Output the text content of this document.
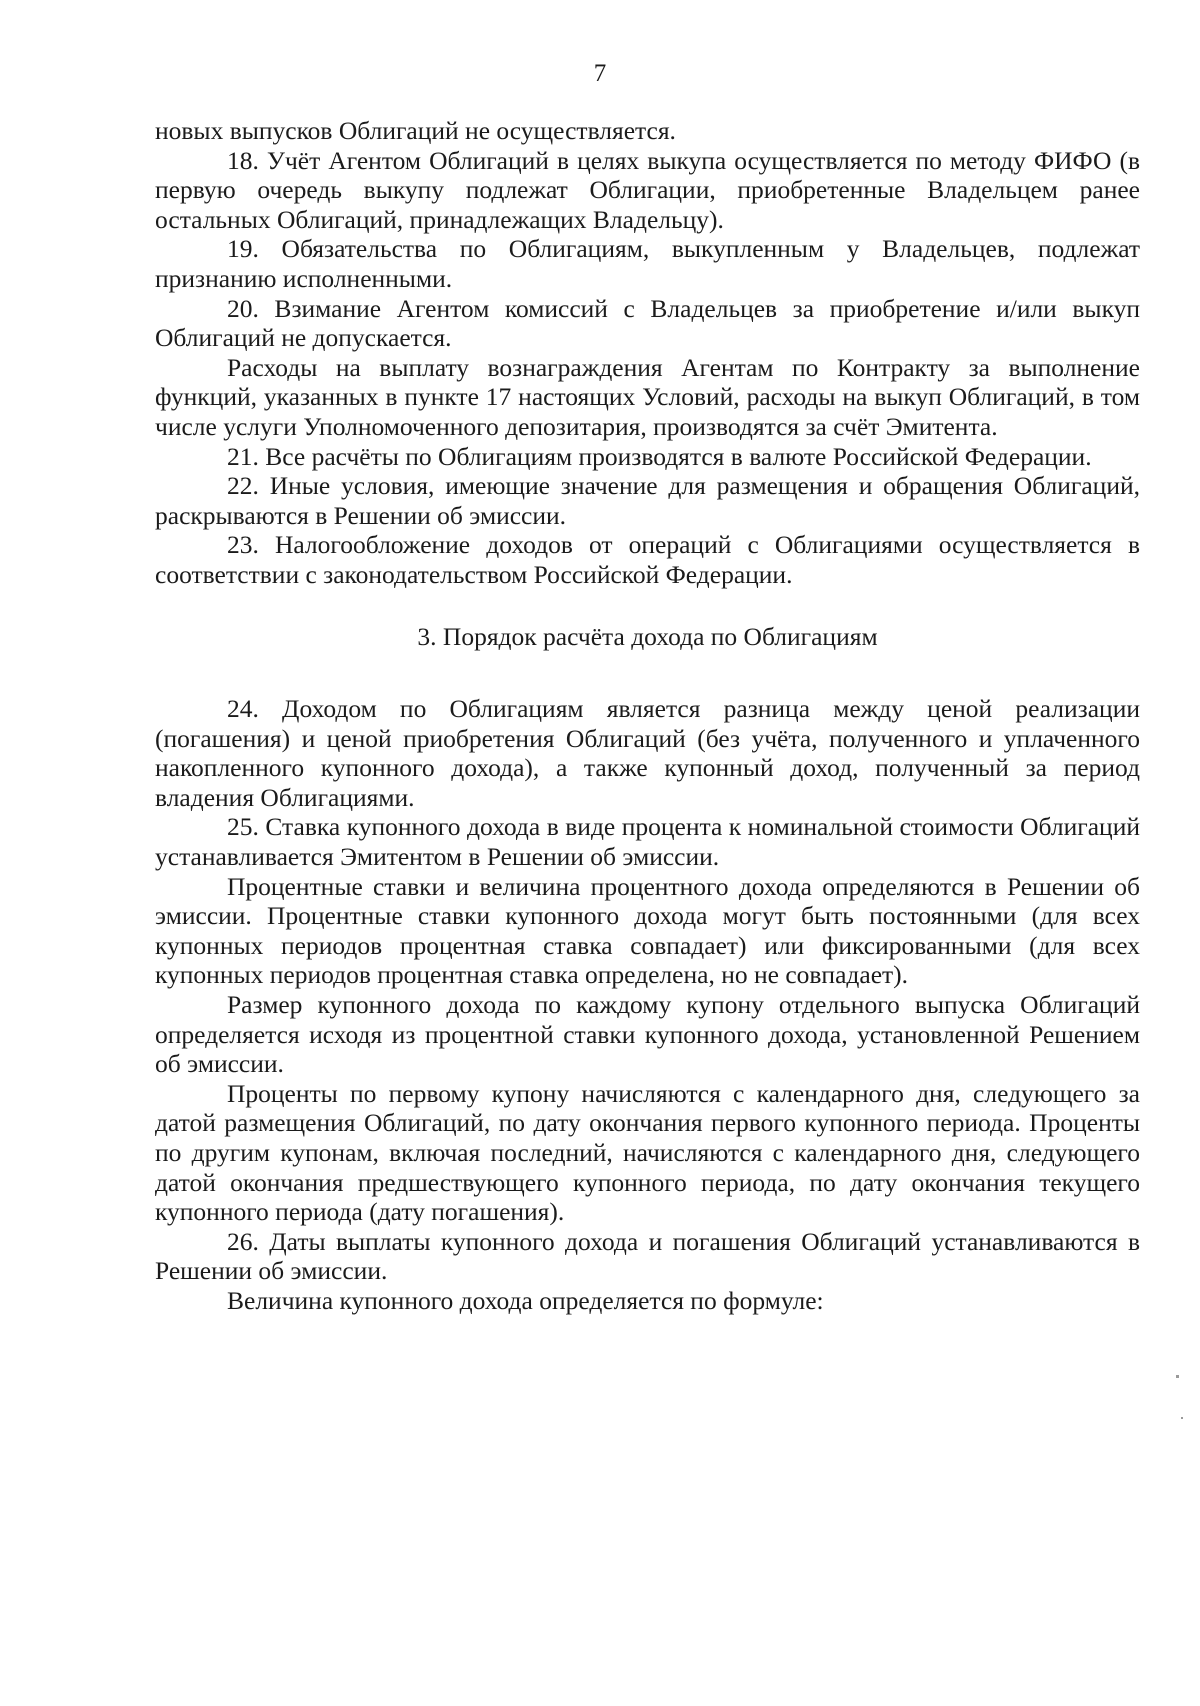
7

новых выпусков Облигаций не осуществляется.

18. Учёт Агентом Облигаций в целях выкупа осуществляется по методу ФИФО (в первую очередь выкупу подлежат Облигации, приобретенные Владельцем ранее остальных Облигаций, принадлежащих Владельцу).

19. Обязательства по Облигациям, выкупленным у Владельцев, подлежат признанию исполненными.

20. Взимание Агентом комиссий с Владельцев за приобретение и/или выкуп Облигаций не допускается.

Расходы на выплату вознаграждения Агентам по Контракту за выполнение функций, указанных в пункте 17 настоящих Условий, расходы на выкуп Облигаций, в том числе услуги Уполномоченного депозитария, производятся за счёт Эмитента.

21. Все расчёты по Облигациям производятся в валюте Российской Федерации.

22. Иные условия, имеющие значение для размещения и обращения Облигаций, раскрываются в Решении об эмиссии.

23. Налогообложение доходов от операций с Облигациями осуществляется в соответствии с законодательством Российской Федерации.

3. Порядок расчёта дохода по Облигациям

24. Доходом по Облигациям является разница между ценой реализации (погашения) и ценой приобретения Облигаций (без учёта, полученного и уплаченного накопленного купонного дохода), а также купонный доход, полученный за период владения Облигациями.

25. Ставка купонного дохода в виде процента к номинальной стоимости Облигаций устанавливается Эмитентом в Решении об эмиссии.

Процентные ставки и величина процентного дохода определяются в Решении об эмиссии. Процентные ставки купонного дохода могут быть постоянными (для всех купонных периодов процентная ставка совпадает) или фиксированными (для всех купонных периодов процентная ставка определена, но не совпадает).

Размер купонного дохода по каждому купону отдельного выпуска Облигаций определяется исходя из процентной ставки купонного дохода, установленной Решением об эмиссии.

Проценты по первому купону начисляются с календарного дня, следующего за датой размещения Облигаций, по дату окончания первого купонного периода. Проценты по другим купонам, включая последний, начисляются с календарного дня, следующего датой окончания предшествующего купонного периода, по дату окончания текущего купонного периода (дату погашения).

26. Даты выплаты купонного дохода и погашения Облигаций устанавливаются в Решении об эмиссии.

Величина купонного дохода определяется по формуле:
